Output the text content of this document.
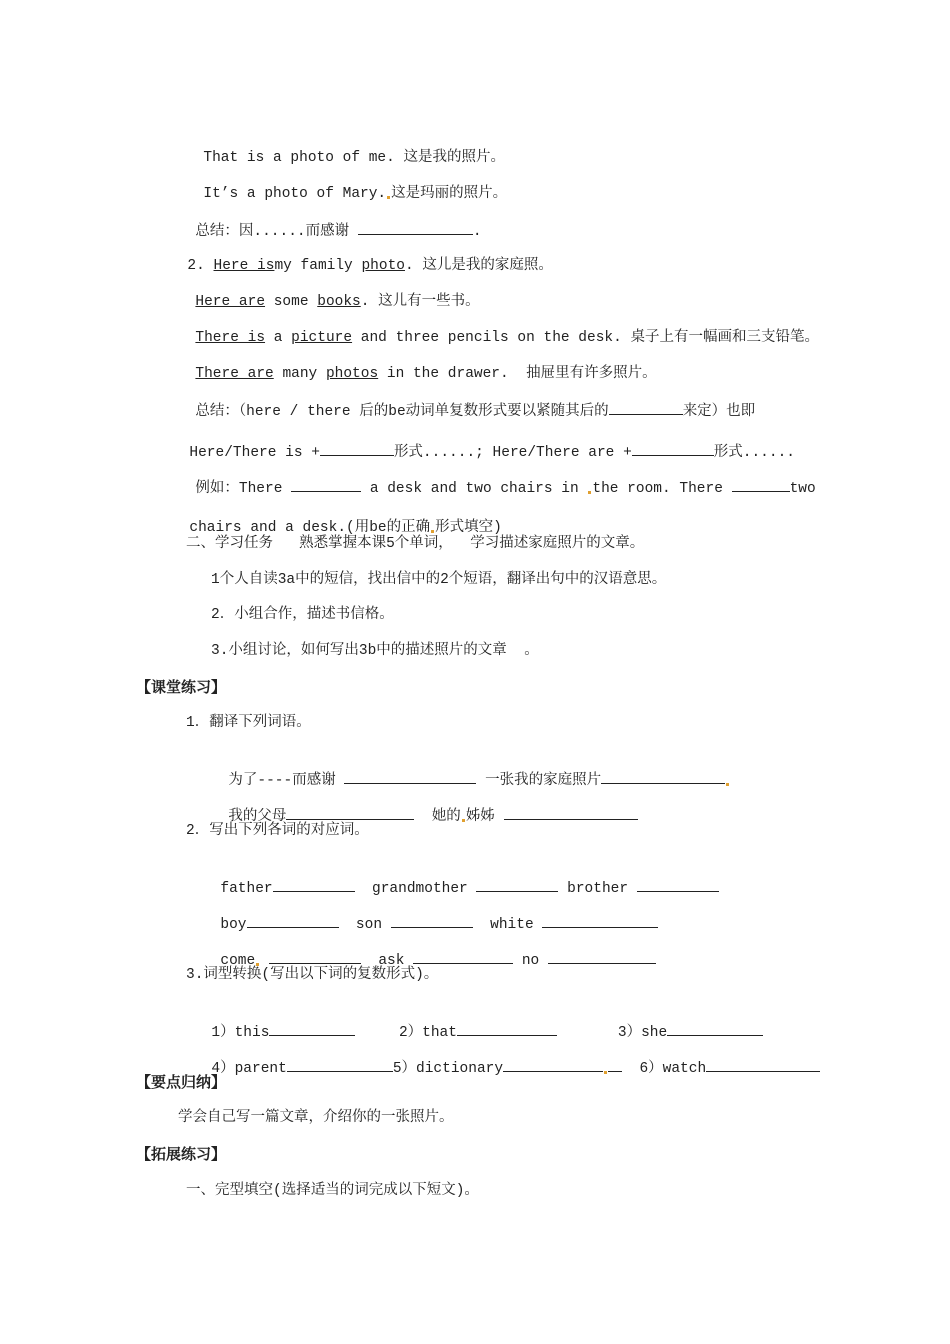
That is a photo of me. 这是我的照片。

It’s a photo of Mary. 这是玛丽的照片。

总结：因......而感谢	.

2. Here ismy family photo. 这儿是我的家庭照。

Here are some books. 这儿有一些书。

There is a picture and three pencils on the desk. 桌子上有一幅画和三支铅笔。

There are many photos in the drawer. 抽屉里有许多照片。

总结：（here / there 后的be动词单复数形式要以紧随其后的	来定）也即

Here/There is +	形式......; Here/There are +	形式......

例如：There	a desk and two chairs in the room. There	two

chairs and a desk.(用be的正确 形式填空)

二、学习任务   熟悉掌握本课5个单词，  学习描述家庭照片的文章。
1个人自读3a中的短信，找出信中的2个短语，翻译出句中的汉语意思。
2．小组合作，描述书信格。
3.小组讨论，如何写出3b中的描述照片的文章  。
【课堂练习】
1．翻译下列词语。

为了----而感谢	一张我的家庭照片

我的父母	她的 姊姊

2．写出下列各词的对应词。

father	grandmother	brother

boy	son	white

come	ask	no

3.词型转换(写出以下词的复数形式)。

1）this	2）that	3）she

4）parent	5）dictionary	6）watch

【要点归纳】
学会自己写一篇文章，介绍你的一张照片。
【拓展练习】
一、完型填空(选择适当的词完成以下短文)。
